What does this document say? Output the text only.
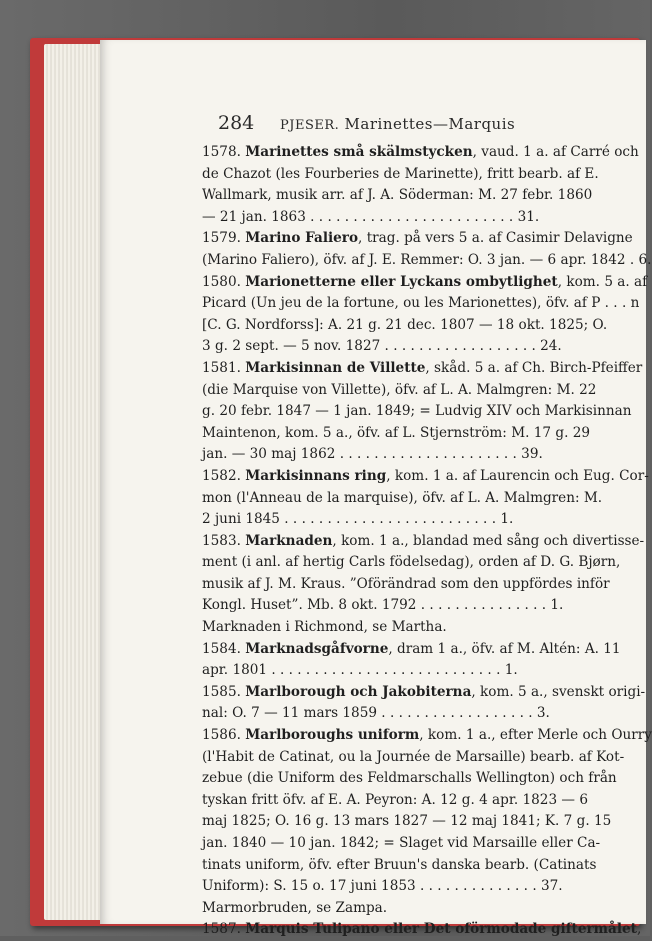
284 PJESER. Marinettes—Marquis
1578. Marinettes små skälmstycken, vaud. 1 a. af Carré och
de Chazot (les Fourberies de Marinette), fritt bearb. af E.
Wallmark, musik arr. af J. A. Söderman: M. 27 febr. 1860
— 21 jan. 1863 . . . . . . . . . . . . . . . . . . . . . . . . 31.
1579. Marino Faliero, trag. på vers 5 a. af Casimir Delavigne
(Marino Faliero), öfv. af J. E. Remmer: O. 3 jan. — 6 apr. 1842 . 6.
1580. Marionetterne eller Lyckans ombytlighet, kom. 5 a. af
Picard (Un jeu de la fortune, ou les Marionettes), öfv. af P . . . n
[C. G. Nordforss]: A. 21 g. 21 dec. 1807 — 18 okt. 1825; O.
3 g. 2 sept. — 5 nov. 1827 . . . . . . . . . . . . . . . . . . 24.
1581. Markisinnan de Villette, skåd. 5 a. af Ch. Birch-Pfeiffer
(die Marquise von Villette), öfv. af L. A. Malmgren: M. 22
g. 20 febr. 1847 — 1 jan. 1849; = Ludvig XIV och Markisinnan
Maintenon, kom. 5 a., öfv. af L. Stjernström: M. 17 g. 29
jan. — 30 maj 1862 . . . . . . . . . . . . . . . . . . . . . 39.
1582. Markisinnans ring, kom. 1 a. af Laurencin och Eug. Cor-
mon (l'Anneau de la marquise), öfv. af L. A. Malmgren: M.
2 juni 1845 . . . . . . . . . . . . . . . . . . . . . . . . . 1.
1583. Marknaden, kom. 1 a., blandad med sång och divertisse-
ment (i anl. af hertig Carls födelsedag), orden af D. G. Bjørn,
musik af J. M. Kraus. ”Oförändrad som den uppfördes inför
Kongl. Huset”. Mb. 8 okt. 1792 . . . . . . . . . . . . . . . 1.
Marknaden i Richmond, se Martha.
1584. Marknadsgåfvorne, dram 1 a., öfv. af M. Altén: A. 11
apr. 1801 . . . . . . . . . . . . . . . . . . . . . . . . . . . 1.
1585. Marlborough och Jakobiterna, kom. 5 a., svenskt origi-
nal: O. 7 — 11 mars 1859 . . . . . . . . . . . . . . . . . . 3.
1586. Marlboroughs uniform, kom. 1 a., efter Merle och Ourry
(l'Habit de Catinat, ou la Journée de Marsaille) bearb. af Kot-
zebue (die Uniform des Feldmarschalls Wellington) och från
tyskan fritt öfv. af E. A. Peyron: A. 12 g. 4 apr. 1823 — 6
maj 1825; O. 16 g. 13 mars 1827 — 12 maj 1841; K. 7 g. 15
jan. 1840 — 10 jan. 1842; = Slaget vid Marsaille eller Ca-
tinats uniform, öfv. efter Bruun's danska bearb. (Catinats
Uniform): S. 15 o. 17 juni 1853 . . . . . . . . . . . . . . 37.
Marmorbruden, se Zampa.
1587. Marquis Tulipano eller Det oförmodade giftermålet,
